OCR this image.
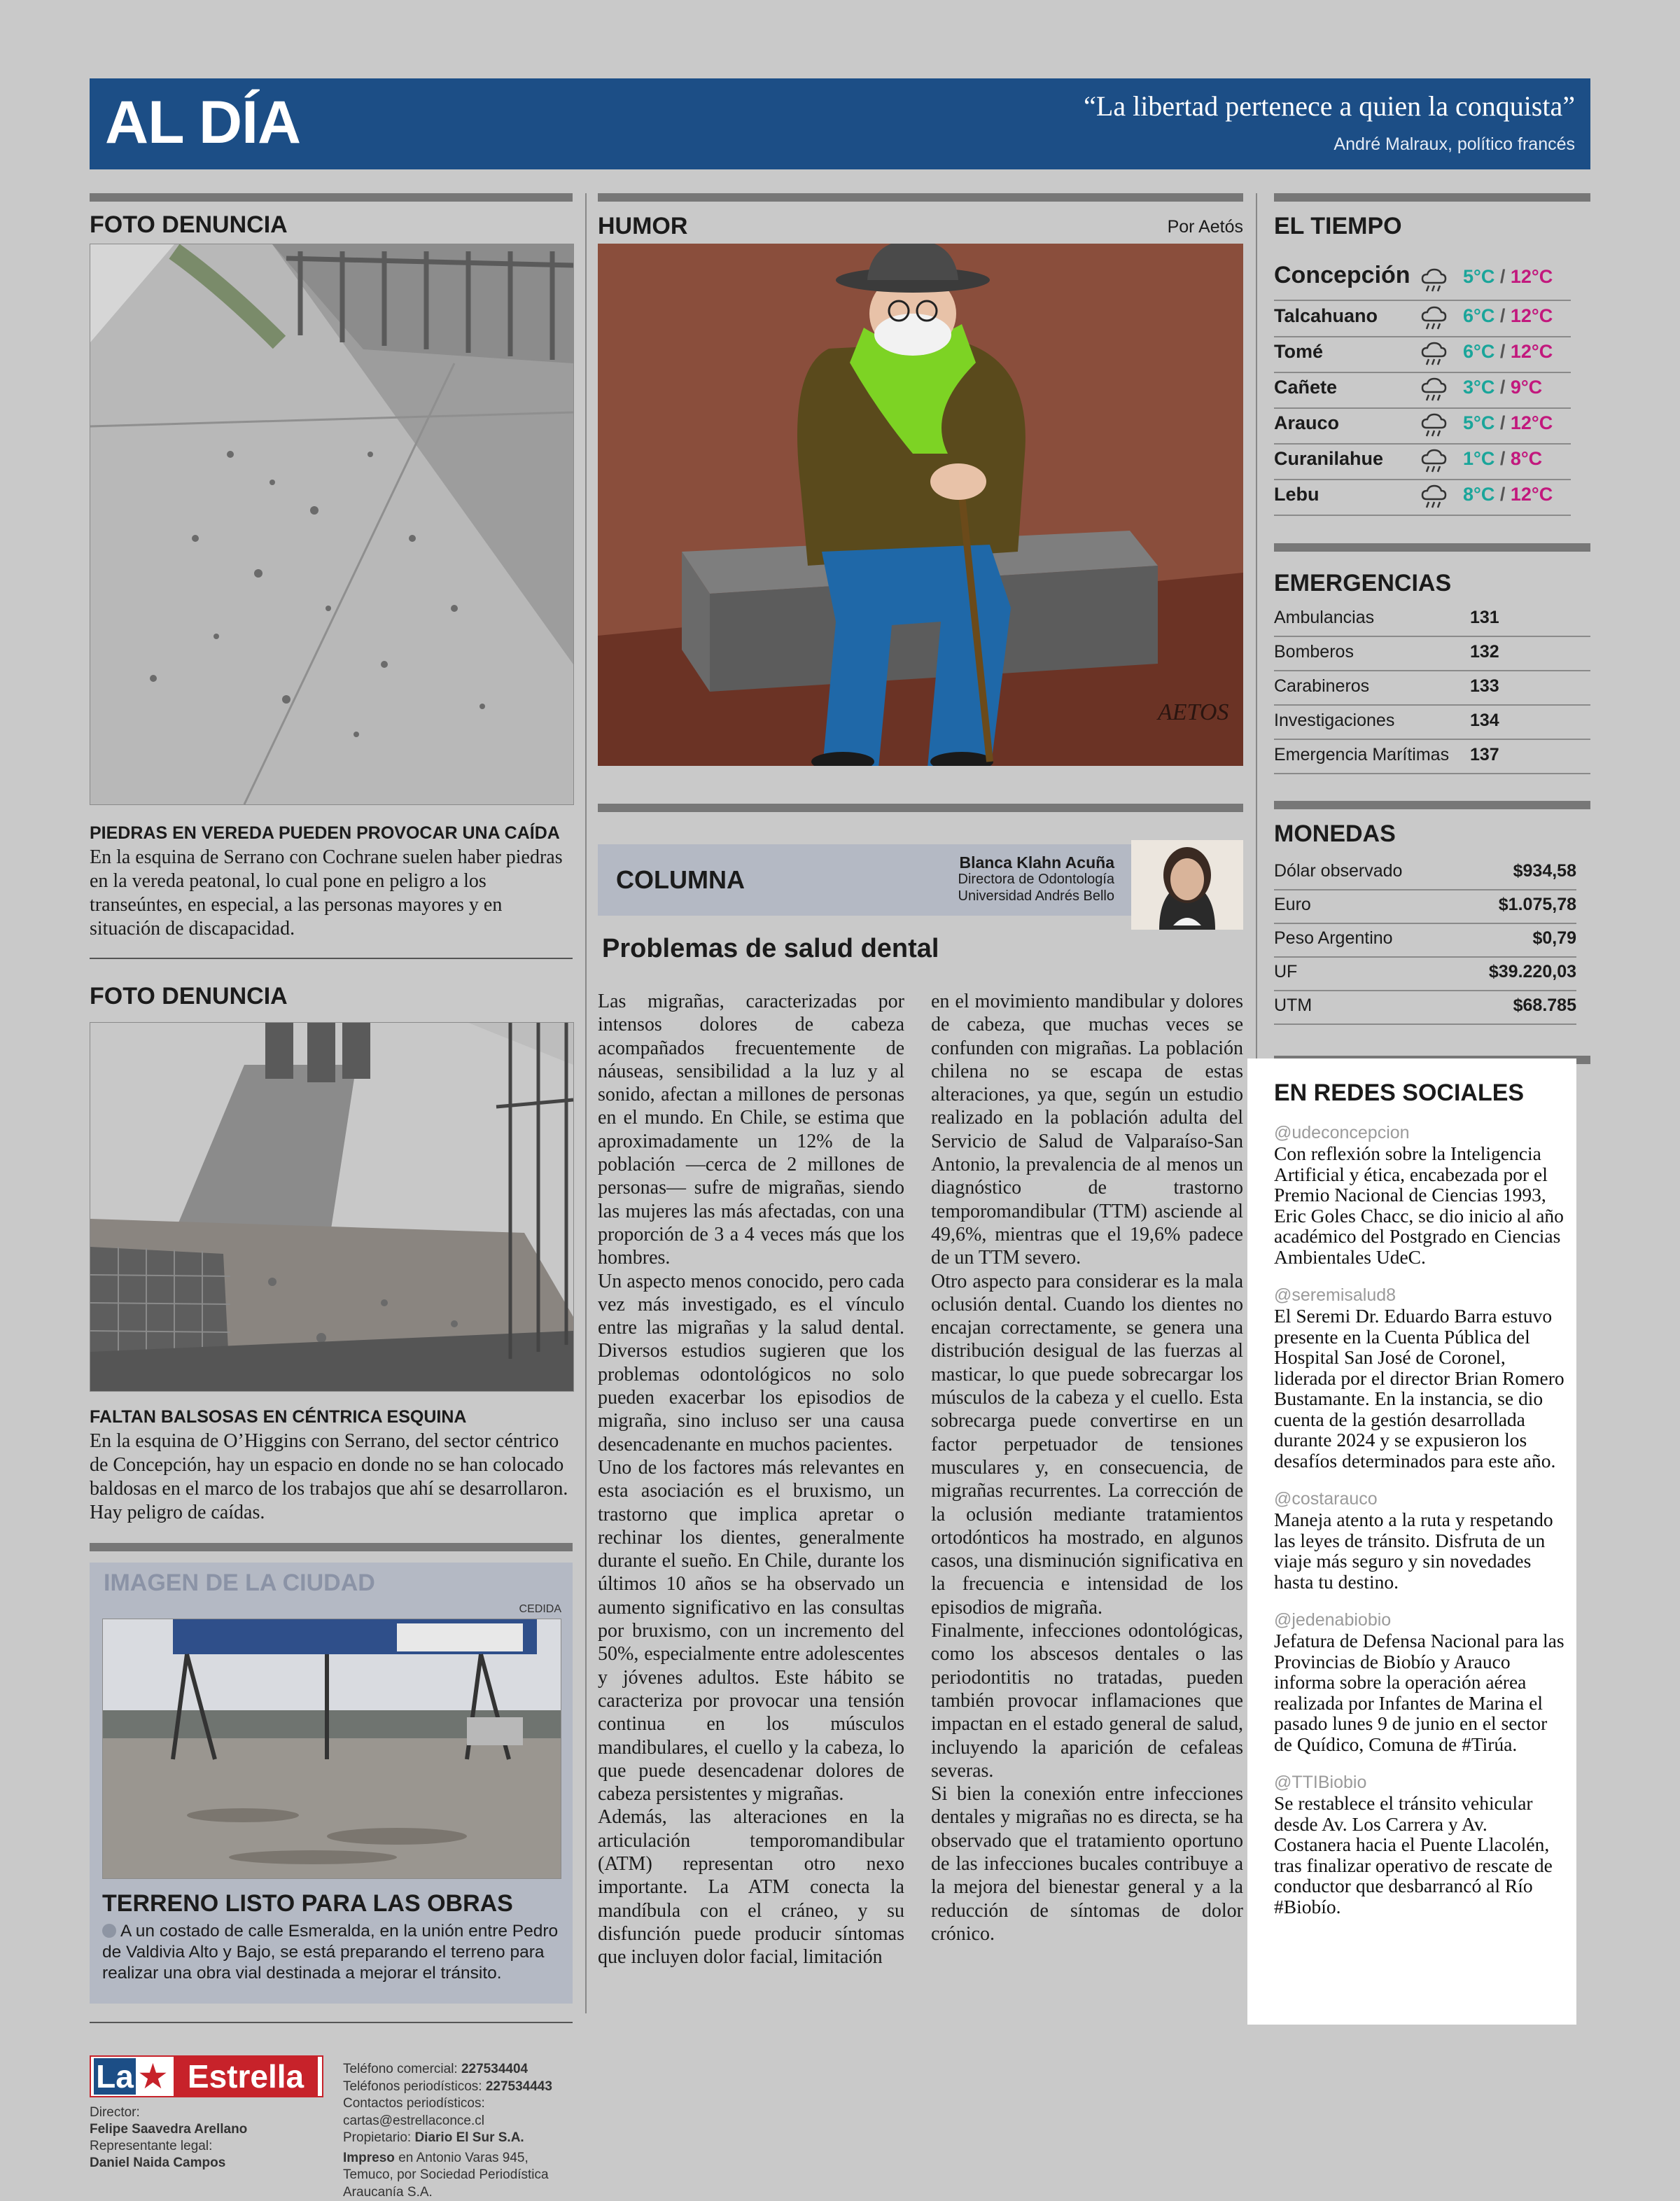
AL DÍA	“La libertad pertenece a quien la conquista”
André Malraux, político francés
FOTO DENUNCIA
PIEDRAS EN VEREDA PUEDEN PROVOCAR UNA CAÍDA
En la esquina de Serrano con Cochrane suelen haber piedras en la vereda peatonal, lo cual pone en peligro a los transeúntes, en especial, a las personas mayores y en situación de discapacidad.
FOTO DENUNCIA
FALTAN BALSOSAS EN CÉNTRICA ESQUINA
En la esquina de O’Higgins con Serrano, del sector céntrico de Concepción, hay un espacio en donde no se han colocado baldosas en el marco de los trabajos que ahí se desarrollaron. Hay peligro de caídas.
IMAGEN DE LA CIUDAD
CEDIDA
TERRENO LISTO PARA LAS OBRAS
A un costado de calle Esmeralda, en la unión entre Pedro de Valdivia Alto y Bajo, se está preparando el terreno para realizar una obra vial destinada a mejorar el tránsito.
La ★ Estrella
Director:
Felipe Saavedra Arellano
Representante legal:
Daniel Naida Campos
Teléfono comercial: 227534404
Teléfonos periodísticos: 227534443
Contactos periodísticos:
cartas@estrellaconce.cl
Propietario: Diario El Sur S.A.
Impreso en Antonio Varas 945, Temuco, por Sociedad Periodística Araucanía S.A.
HUMOR	Por Aetós
AETOS
COLUMNA
Blanca Klahn Acuña
Directora de Odontología
Universidad Andrés Bello
Problemas de salud dental

Las migrañas, caracterizadas por intensos dolores de cabeza acompañados frecuentemente de náuseas, sensibilidad a la luz y al sonido, afectan a millones de personas en el mundo. En Chile, se estima que aproximadamente un 12% de la población —cerca de 2 millones de personas— sufre de migrañas, siendo las mujeres las más afectadas, con una proporción de 3 a 4 veces más que los hombres.

Un aspecto menos conocido, pero cada vez más investigado, es el vínculo entre las migrañas y la salud dental. Diversos estudios sugieren que los problemas odontológicos no solo pueden exacerbar los episodios de migraña, sino incluso ser una causa desencadenante en muchos pacientes.

Uno de los factores más relevantes en esta asociación es el bruxismo, un trastorno que implica apretar o rechinar los dientes, generalmente durante el sueño. En Chile, durante los últimos 10 años se ha observado un aumento significativo en las consultas por bruxismo, con un incremento del 50%, especialmente entre adolescentes y jóvenes adultos. Este hábito se caracteriza por provocar una tensión continua en los músculos mandibulares, el cuello y la cabeza, lo que puede desencadenar dolores de cabeza persistentes y migrañas.

Además, las alteraciones en la articulación temporomandibular (ATM) representan otro nexo importante. La ATM conecta la mandíbula con el cráneo, y su disfunción puede producir síntomas que incluyen dolor facial, limitación

en el movimiento mandibular y dolores de cabeza, que muchas veces se confunden con migrañas. La población chilena no se escapa de estas alteraciones, ya que, según un estudio realizado en la población adulta del Servicio de Salud de Valparaíso-San Antonio, la prevalencia de al menos un diagnóstico de trastorno temporomandibular (TTM) asciende al 49,6%, mientras que el 19,6% padece de un TTM severo.

Otro aspecto para considerar es la mala oclusión dental. Cuando los dientes no encajan correctamente, se genera una distribución desigual de las fuerzas al masticar, lo que puede sobrecargar los músculos de la cabeza y el cuello. Esta sobrecarga puede convertirse en un factor perpetuador de tensiones musculares y, en consecuencia, de migrañas recurrentes. La corrección de la oclusión mediante tratamientos ortodónticos ha mostrado, en algunos casos, una disminución significativa en la frecuencia e intensidad de los episodios de migraña.

Finalmente, infecciones odontológicas, como los abscesos dentales o las periodontitis no tratadas, pueden también provocar inflamaciones que impactan en el estado general de salud, incluyendo la aparición de cefaleas severas.

Si bien la conexión entre infecciones dentales y migrañas no es directa, se ha observado que el tratamiento oportuno de las infecciones bucales contribuye a la mejora del bienestar general y a la reducción de síntomas de dolor crónico.

EL TIEMPO
Concepción	5°C / 12°C
Talcahuano	6°C / 12°C
Tomé	6°C / 12°C
Cañete	3°C / 9°C
Arauco	5°C / 12°C
Curanilahue	1°C / 8°C
Lebu	8°C / 12°C
EMERGENCIAS
Ambulancias	131
Bomberos	132
Carabineros	133
Investigaciones	134
Emergencia Marítimas 137
MONEDAS
Dólar observado	$934,58
Euro	$1.075,78
Peso Argentino	$0,79
UF	$39.220,03
UTM	$68.785
EN REDES SOCIALES
@udeconcepcion
Con reflexión sobre la Inteligencia Artificial y ética, encabezada por el Premio Nacional de Ciencias 1993, Eric Goles Chacc, se dio inicio al año académico del Postgrado en Ciencias Ambientales UdeC.
@seremisalud8
El Seremi Dr. Eduardo Barra estuvo presente en la Cuenta Pública del Hospital San José de Coronel, liderada por el director Brian Romero Bustamante. En la instancia, se dio cuenta de la gestión desarrollada durante 2024 y se expusieron los desafíos determinados para este año.
@costarauco
Maneja atento a la ruta y respetando las leyes de tránsito. Disfruta de un viaje más seguro y sin novedades hasta tu destino.
@jedenabiobio
Jefatura de Defensa Nacional para las Provincias de Biobío y Arauco informa sobre la operación aérea realizada por Infantes de Marina el pasado lunes 9 de junio en el sector de Quídico, Comuna de #Tirúa.
@TTIBiobio
Se restablece el tránsito vehicular desde Av. Los Carrera y Av. Costanera hacia el Puente Llacolén, tras finalizar operativo de rescate de conductor que desbarrancó al Río #Biobío.
